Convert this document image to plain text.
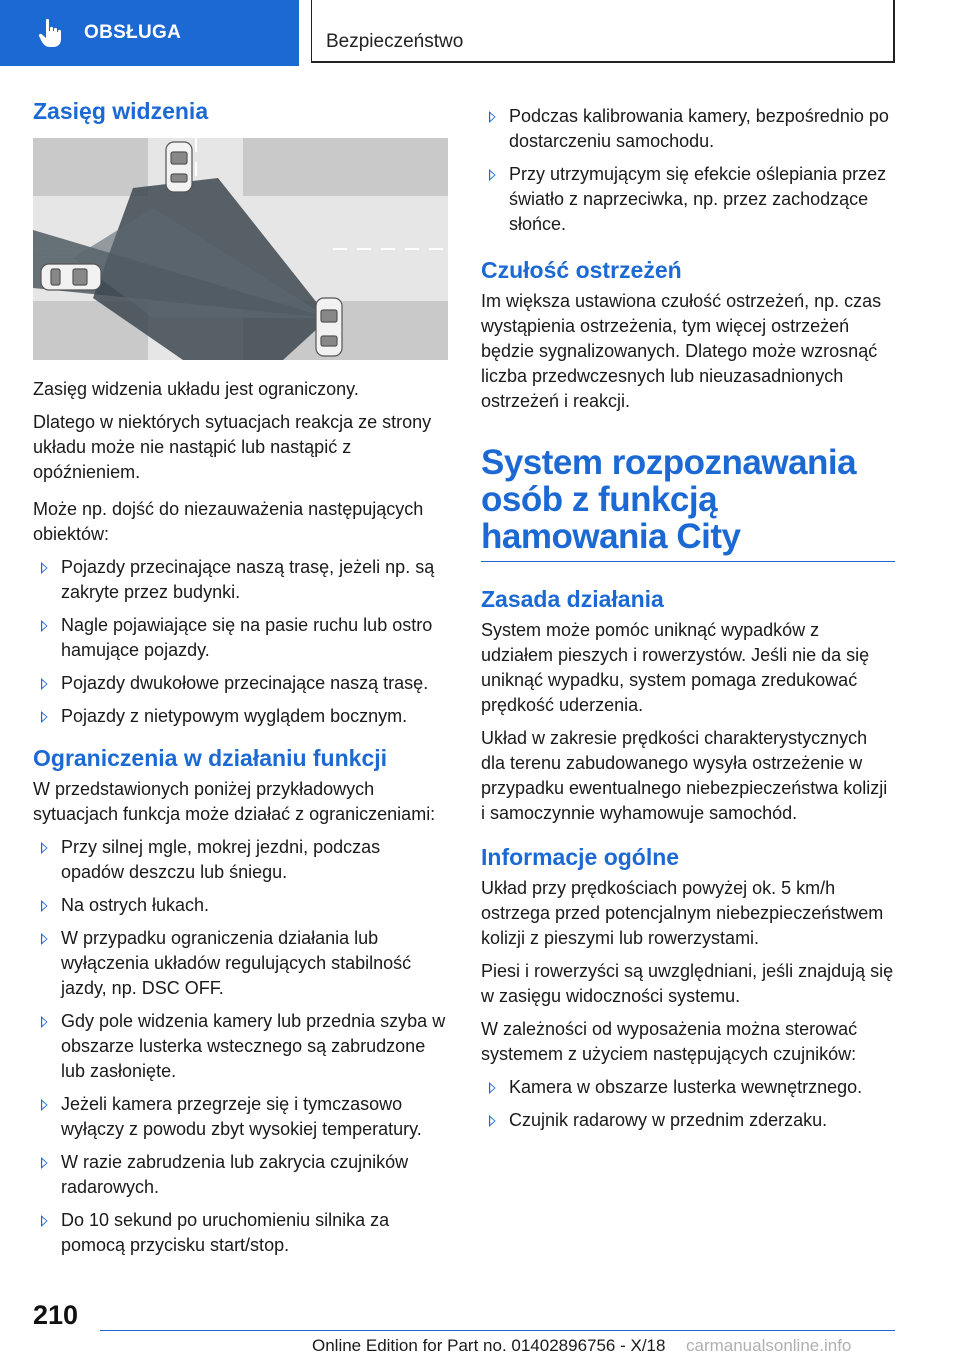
OBSŁUGA	Bezpieczeństwo
Zasięg widzenia

Zasięg widzenia układu jest ograniczony.

Dlatego w niektórych sytuacjach reakcja ze strony układu może nie nastąpić lub nastąpić z opóźnieniem.

Może np. dojść do niezauważenia następujących obiektów:

Pojazdy przecinające naszą trasę, jeżeli np. są zakryte przez budynki.
Nagle pojawiające się na pasie ruchu lub ostro hamujące pojazdy.
Pojazdy dwukołowe przecinające naszą trasę.
Pojazdy z nietypowym wyglądem bocznym.
Ograniczenia w działaniu funkcji

W przedstawionych poniżej przykładowych sytuacjach funkcja może działać z ograniczeniami:

Przy silnej mgle, mokrej jezdni, podczas opadów deszczu lub śniegu.
Na ostrych łukach.
W przypadku ograniczenia działania lub wyłączenia układów regulujących stabilność jazdy, np. DSC OFF.
Gdy pole widzenia kamery lub przednia szyba w obszarze lusterka wstecznego są zabrudzone lub zasłonięte.
Jeżeli kamera przegrzeje się i tymczasowo wyłączy z powodu zbyt wysokiej temperatury.
W razie zabrudzenia lub zakrycia czujników radarowych.
Do 10 sekund po uruchomieniu silnika za pomocą przycisku start/stop.
Podczas kalibrowania kamery, bezpośrednio po dostarczeniu samochodu.
Przy utrzymującym się efekcie oślepiania przez światło z naprzeciwka, np. przez zachodzące słońce.
Czułość ostrzeżeń

Im większa ustawiona czułość ostrzeżeń, np. czas wystąpienia ostrzeżenia, tym więcej ostrzeżeń będzie sygnalizowanych. Dlatego może wzrosnąć liczba przedwczesnych lub nieuzasadnionych ostrzeżeń i reakcji.

System rozpoznawania osób z funkcją hamowania City
Zasada działania

System może pomóc uniknąć wypadków z udziałem pieszych i rowerzystów. Jeśli nie da się uniknąć wypadku, system pomaga zredukować prędkość uderzenia.

Układ w zakresie prędkości charakterystycznych dla terenu zabudowanego wysyła ostrzeżenie w przypadku ewentualnego niebezpieczeństwa kolizji i samoczynnie wyhamowuje samochód.

Informacje ogólne

Układ przy prędkościach powyżej ok. 5 km/h ostrzega przed potencjalnym niebezpieczeństwem kolizji z pieszymi lub rowerzystami.

Piesi i rowerzyści są uwzględniani, jeśli znajdują się w zasięgu widoczności systemu.

W zależności od wyposażenia można sterować systemem z użyciem następujących czujników:

Kamera w obszarze lusterka wewnętrznego.
Czujnik radarowy w przednim zderzaku.
210
Online Edition for Part no. 01402896756 - X/18 carmanualsonline.info
